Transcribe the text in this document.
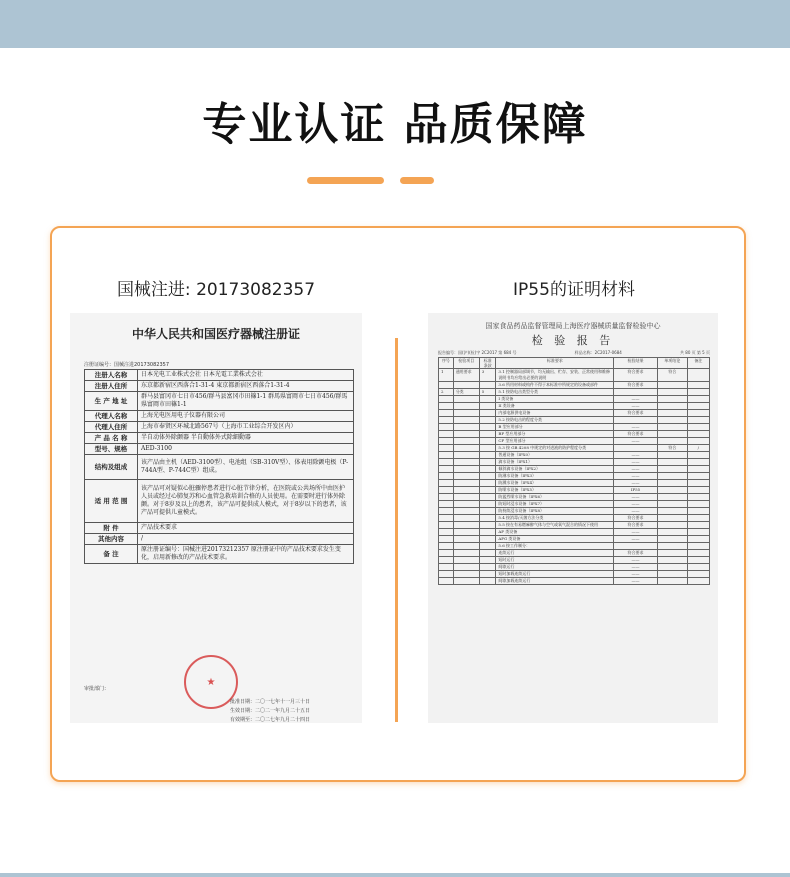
专业认证 品质保障
国械注进: 20173082357	IP55的证明材料
中华人民共和国医疗器械注册证
注册证编号：国械注进20173082357
注册人名称	日本光电工业株式会社 日本光電工業株式会社
注册人住所	东京都新宿区西落合1-31-4 東京都新宿区西落合1-31-4
生 产 地 址	群马县富冈市七日市456/群马县富冈市田篠1-1 群馬県富岡市七日市456/群馬県富岡市田篠1-1
代理人名称	上海光电医用电子仪器有限公司
代理人住所	上海市奉贤区环城北路567号（上海市工业综合开发区内）
产 品 名 称	半自动体外除颤器 半自動体外式除細動器
型号、规格	AED-3100
结构及组成	该产品由主机（AED-3100型）、电池组（SB-310V型）、体表用除颤电极（P-744A型、P-744C型）组成。
适 用 范 围	该产品可对疑似心脏骤停患者进行心脏节律分析，在医院或公共场所中由医护人员或经过心肺复苏和心血管急救培训合格的人员使用。在需要时进行体外除颤。对于8岁及以上的患者，该产品可提供成人模式，对于8岁以下的患者，该产品可提供儿童模式。
附 件	产品技术要求
其他内容	/
备 注	原注册证编号：国械注进20173212357 原注册证中的产品技术要求发生变化，启用新修改的产品技术要求。
★
审批部门：
批准日期：二〇一七年十一月三十日
生效日期：二〇二一年九月二十五日
有效期至：二〇二七年九月二十四日
国家食品药品监督管理局上海医疗器械质量监督检验中心
检 验 报 告
报告编号：国(沪)(检)字 2C2017 第 684 号	样品名称：2C2017-0684	共 80 页 第 5 页
序号	检验项目	标准条款	标准要求	检验结果	单项结论	备注
1	通用要求	3	3.1 控制器局部调节，均无输出、贮存、安装、正常使用和维修说明书均应给出必要的说明	符合要求	符合	
			3.6 所用材料或构件不得于本标准中所规定的设备或部件	符合要求		
2	分类	5	5.1 按防电击类型分类			
			I 类设备	——		
			II 类设备	——		
			内部电源供电设备	符合要求		
			5.2 按防电击的程度分类			
			B 型应用部分	——		
			BF 型应用部分	符合要求		
			CF 型应用部分	——		
			5.3 按 GB 4208 中规定的对进液的防护程度分类		符合	/
			普通设备（IPX0）	——		
			滴水设备（IPX1）	——		
			倾斜滴水设备（IPX2）	——		
			防淋水设备（IPX3）	——		
			防溅水设备（IPX4）	——		
			防喷水设备（IPX5）	IP55		
			防猛烈喷水设备（IPX6）	——		
			防短时浸水设备（IPX7）	——		
			防持续浸水设备（IPX8）	——		
			5.4 按消毒/灭菌方法分类	符合要求		
			5.5 按在有易燃麻醉气体与空气或氧气混合的情况下使用	符合要求		
			AP 类设备	——		
			APG 类设备	——		
			5.6 按工作制分：			
			连续运行	符合要求		
			短时运行	——		
			间歇运行	——		
			短时加载连续运行	——		
			间歇加载连续运行	——		
